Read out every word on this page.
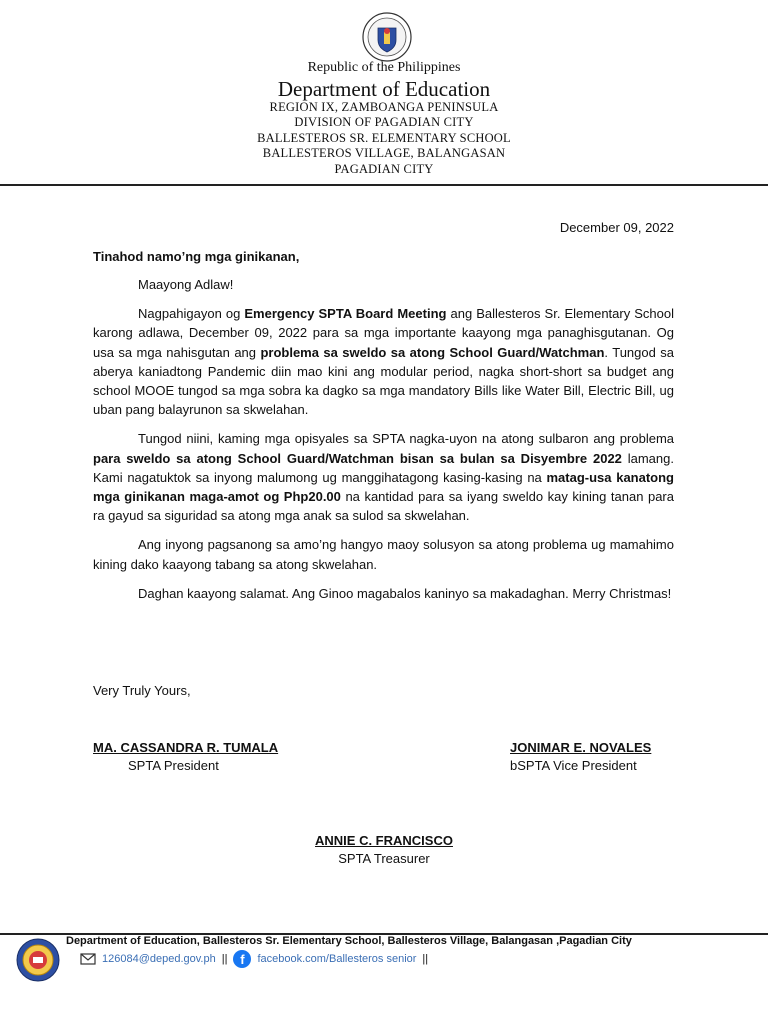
Republic of the Philippines
Department of Education
REGION IX, ZAMBOANGA PENINSULA
DIVISION OF PAGADIAN CITY
BALLESTEROS SR. ELEMENTARY SCHOOL
BALLESTEROS VILLAGE, BALANGASAN
PAGADIAN CITY
December 09, 2022
Tinahod namo’ng mga ginikanan,

Maayong Adlaw!

Nagpahigayon og Emergency SPTA Board Meeting ang Ballesteros Sr. Elementary School karong adlawa, December 09, 2022 para sa mga importante kaayong mga panaghisgutanan. Og usa sa mga nahisgutan ang problema sa sweldo sa atong School Guard/Watchman. Tungod sa aberya kaniadtong Pandemic diin mao kini ang modular period, nagka short-short sa budget ang school MOOE tungod sa mga sobra ka dagko sa mga mandatory Bills like Water Bill, Electric Bill, ug uban pang balayrunon sa skwelahan.

Tungod niini, kaming mga opisyales sa SPTA nagka-uyon na atong sulbaron ang problema para sweldo sa atong School Guard/Watchman bisan sa bulan sa Disyembre 2022 lamang. Kami nagatuktok sa inyong malumong ug manggihatagong kasing-kasing na matag-usa kanatong mga ginikanan maga-amot og Php20.00 na kantidad para sa iyang sweldo kay kining tanan para ra gayud sa siguridad sa atong mga anak sa sulod sa skwelahan.

Ang inyong pagsanong sa amo’ng hangyo maoy solusyon sa atong problema ug mamahimo kining dako kaayong tabang sa atong skwelahan.

Daghan kaayong salamat. Ang Ginoo magabalos kaninyo sa makadaghan. Merry Christmas!

Very Truly Yours,
MA. CASSANDRA R. TUMALA
SPTA President
JONIMAR E. NOVALES
bSPTA Vice President
ANNIE C. FRANCISCO
SPTA Treasurer
Department of Education, Ballesteros Sr. Elementary School, Ballesteros Village, Balangasan ,Pagadian City
126084@deped.gov.ph || f	facebook.com/Ballesteros senior ||
